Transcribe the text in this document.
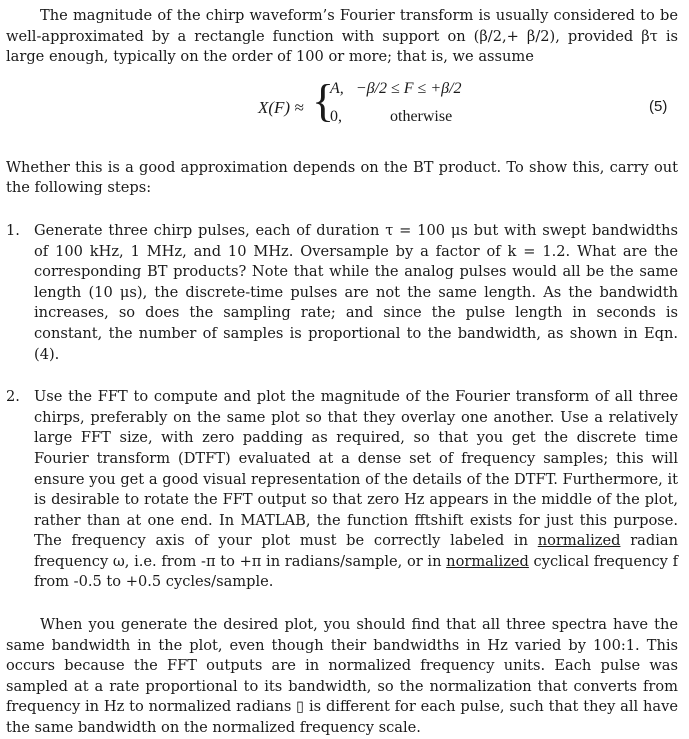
The magnitude of the chirp waveform’s Fourier transform is usually considered to be well-approximated by a rectangle function with support on (β/2,+ β/2), provided βτ is large enough, typically on the order of 100 or more; that is, we assume

X(F) ≈ {
A,   −β/2 ≤ F ≤ +β/2
0,            otherwise
(5)

Whether this is a good approximation depends on the BT product. To show this, carry out the following steps:

1. Generate three chirp pulses, each of duration τ = 100 μs but with swept bandwidths of 100 kHz, 1 MHz, and 10 MHz. Oversample by a factor of k = 1.2. What are the corresponding BT products? Note that while the analog pulses would all be the same length (10 μs), the discrete-time pulses are not the same length. As the bandwidth increases, so does the sampling rate; and since the pulse length in seconds is constant, the number of samples is proportional to the bandwidth, as shown in Eqn. (4).

2. Use the FFT to compute and plot the magnitude of the Fourier transform of all three chirps, preferably on the same plot so that they overlay one another. Use a relatively large FFT size, with zero padding as required, so that you get the discrete time Fourier transform (DTFT) evaluated at a dense set of frequency samples; this will ensure you get a good visual representation of the details of the DTFT. Furthermore, it is desirable to rotate the FFT output so that zero Hz appears in the middle of the plot, rather than at one end. In MATLAB, the function fftshift exists for just this purpose. The frequency axis of your plot must be correctly labeled in normalized radian frequency ω, i.e. from -π to +π in radians/sample, or in normalized cyclical frequency f from -0.5 to +0.5 cycles/sample.

When you generate the desired plot, you should find that all three spectra have the same bandwidth in the plot, even though their bandwidths in Hz varied by 100:1. This occurs because the FFT outputs are in normalized frequency units. Each pulse was sampled at a rate proportional to its bandwidth, so the normalization that converts from frequency in Hz to normalized radians ▯ is different for each pulse, such that they all have the same bandwidth on the normalized frequency scale.
